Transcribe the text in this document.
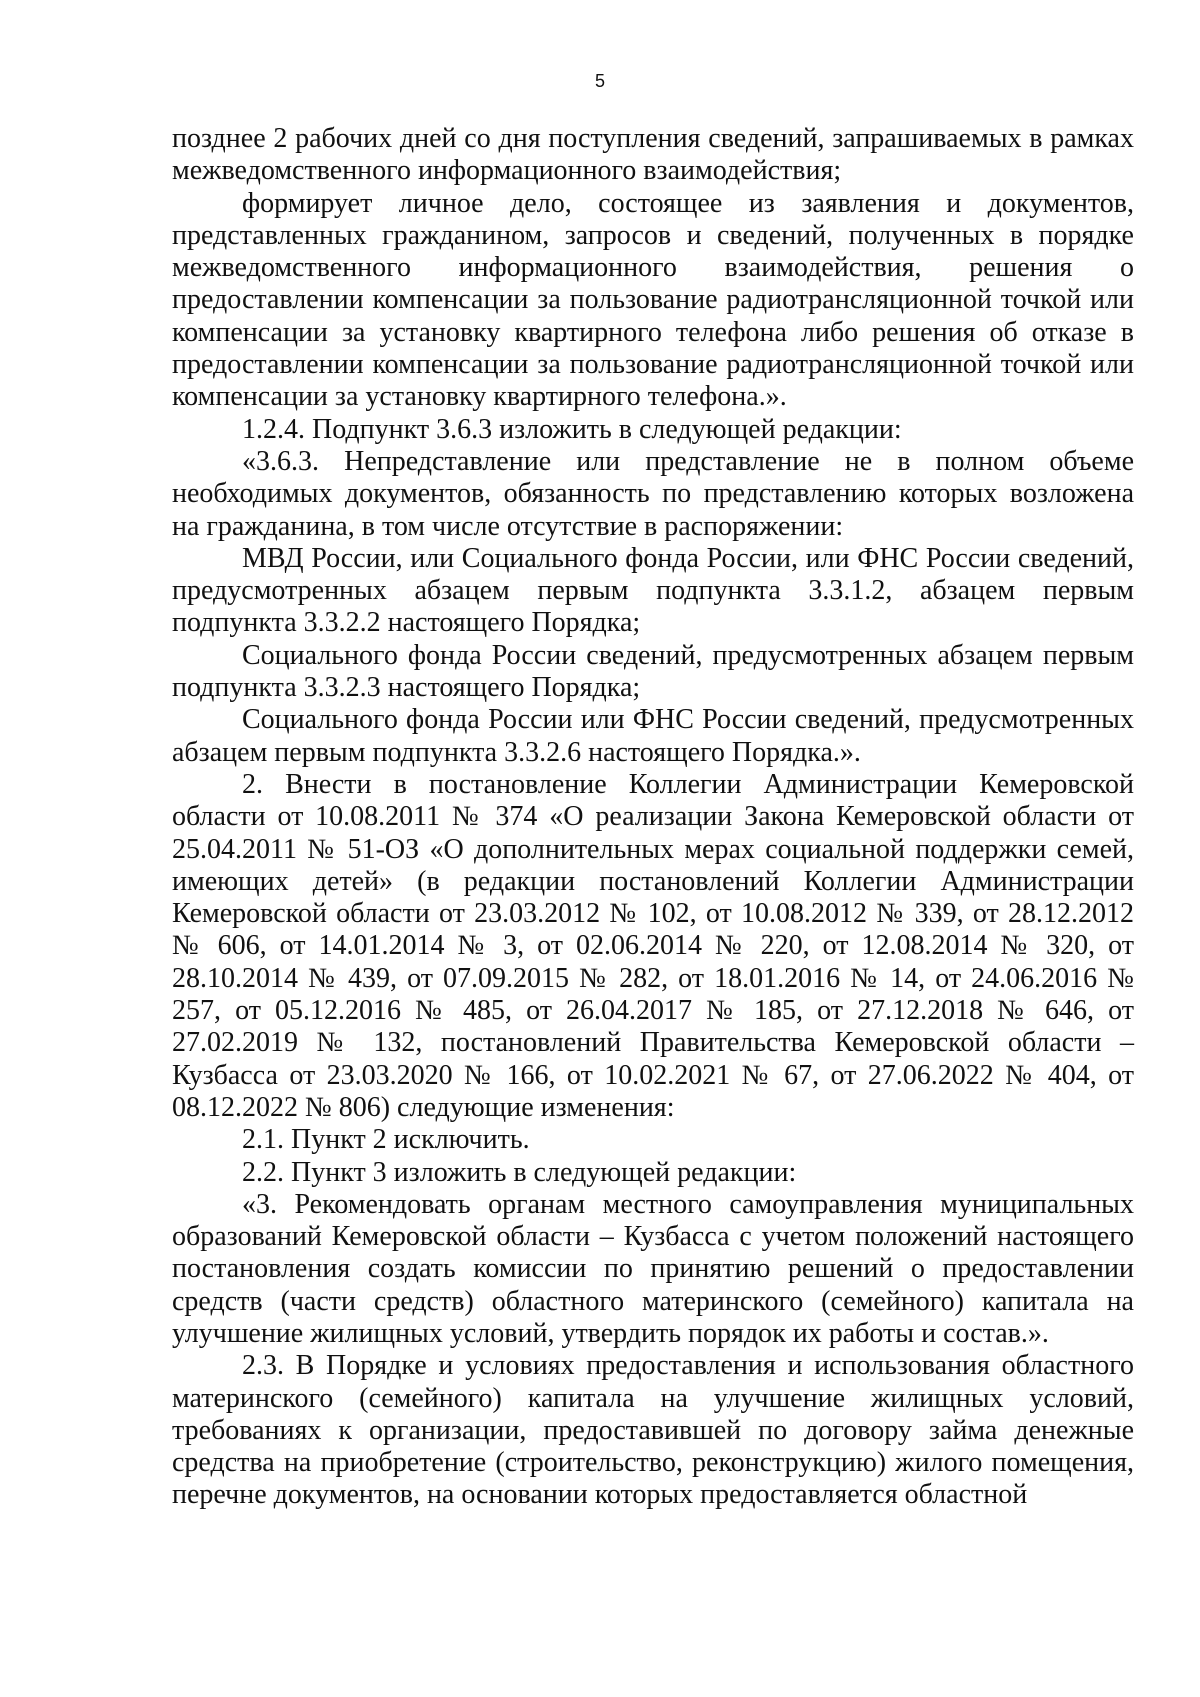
5

позднее 2 рабочих дней со дня поступления сведений, запрашиваемых в рамках межведомственного информационного взаимодействия;

формирует личное дело, состоящее из заявления и документов, представленных гражданином, запросов и сведений, полученных в порядке межведомственного информационного взаимодействия, решения о предоставлении компенсации за пользование радиотрансляционной точкой или компенсации за установку квартирного телефона либо решения об отказе в предоставлении компенсации за пользование радиотрансляционной точкой или компенсации за установку квартирного телефона.».

1.2.4. Подпункт 3.6.3 изложить в следующей редакции:

«3.6.3. Непредставление или представление не в полном объеме необходимых документов, обязанность по представлению которых возложена на гражданина, в том числе отсутствие в распоряжении:

МВД России, или Социального фонда России, или ФНС России сведений, предусмотренных абзацем первым подпункта 3.3.1.2, абзацем первым подпункта 3.3.2.2 настоящего Порядка;

Социального фонда России сведений, предусмотренных абзацем первым подпункта 3.3.2.3 настоящего Порядка;

Социального фонда России или ФНС России сведений, предусмотренных абзацем первым подпункта 3.3.2.6 настоящего Порядка.».

2. Внести в постановление Коллегии Администрации Кемеровской области от 10.08.2011 № 374 «О реализации Закона Кемеровской области от 25.04.2011 № 51-ОЗ «О дополнительных мерах социальной поддержки семей, имеющих детей» (в редакции постановлений Коллегии Администрации Кемеровской области от 23.03.2012 № 102, от 10.08.2012 № 339, от 28.12.2012 № 606, от 14.01.2014 № 3, от 02.06.2014 № 220, от 12.08.2014 № 320, от 28.10.2014 № 439, от 07.09.2015 № 282, от 18.01.2016 № 14, от 24.06.2016 № 257, от 05.12.2016 № 485, от 26.04.2017 № 185, от 27.12.2018 № 646, от 27.02.2019 № 132, постановлений Правительства Кемеровской области – Кузбасса от 23.03.2020 № 166, от 10.02.2021 № 67, от 27.06.2022 № 404, от 08.12.2022 № 806) следующие изменения:

2.1. Пункт 2 исключить.

2.2. Пункт 3 изложить в следующей редакции:

«3. Рекомендовать органам местного самоуправления муниципальных образований Кемеровской области – Кузбасса с учетом положений настоящего постановления создать комиссии по принятию решений о предоставлении средств (части средств) областного материнского (семейного) капитала на улучшение жилищных условий, утвердить порядок их работы и состав.».

2.3. В Порядке и условиях предоставления и использования областного материнского (семейного) капитала на улучшение жилищных условий, требованиях к организации, предоставившей по договору займа денежные средства на приобретение (строительство, реконструкцию) жилого помещения, перечне документов, на основании которых предоставляется областной
